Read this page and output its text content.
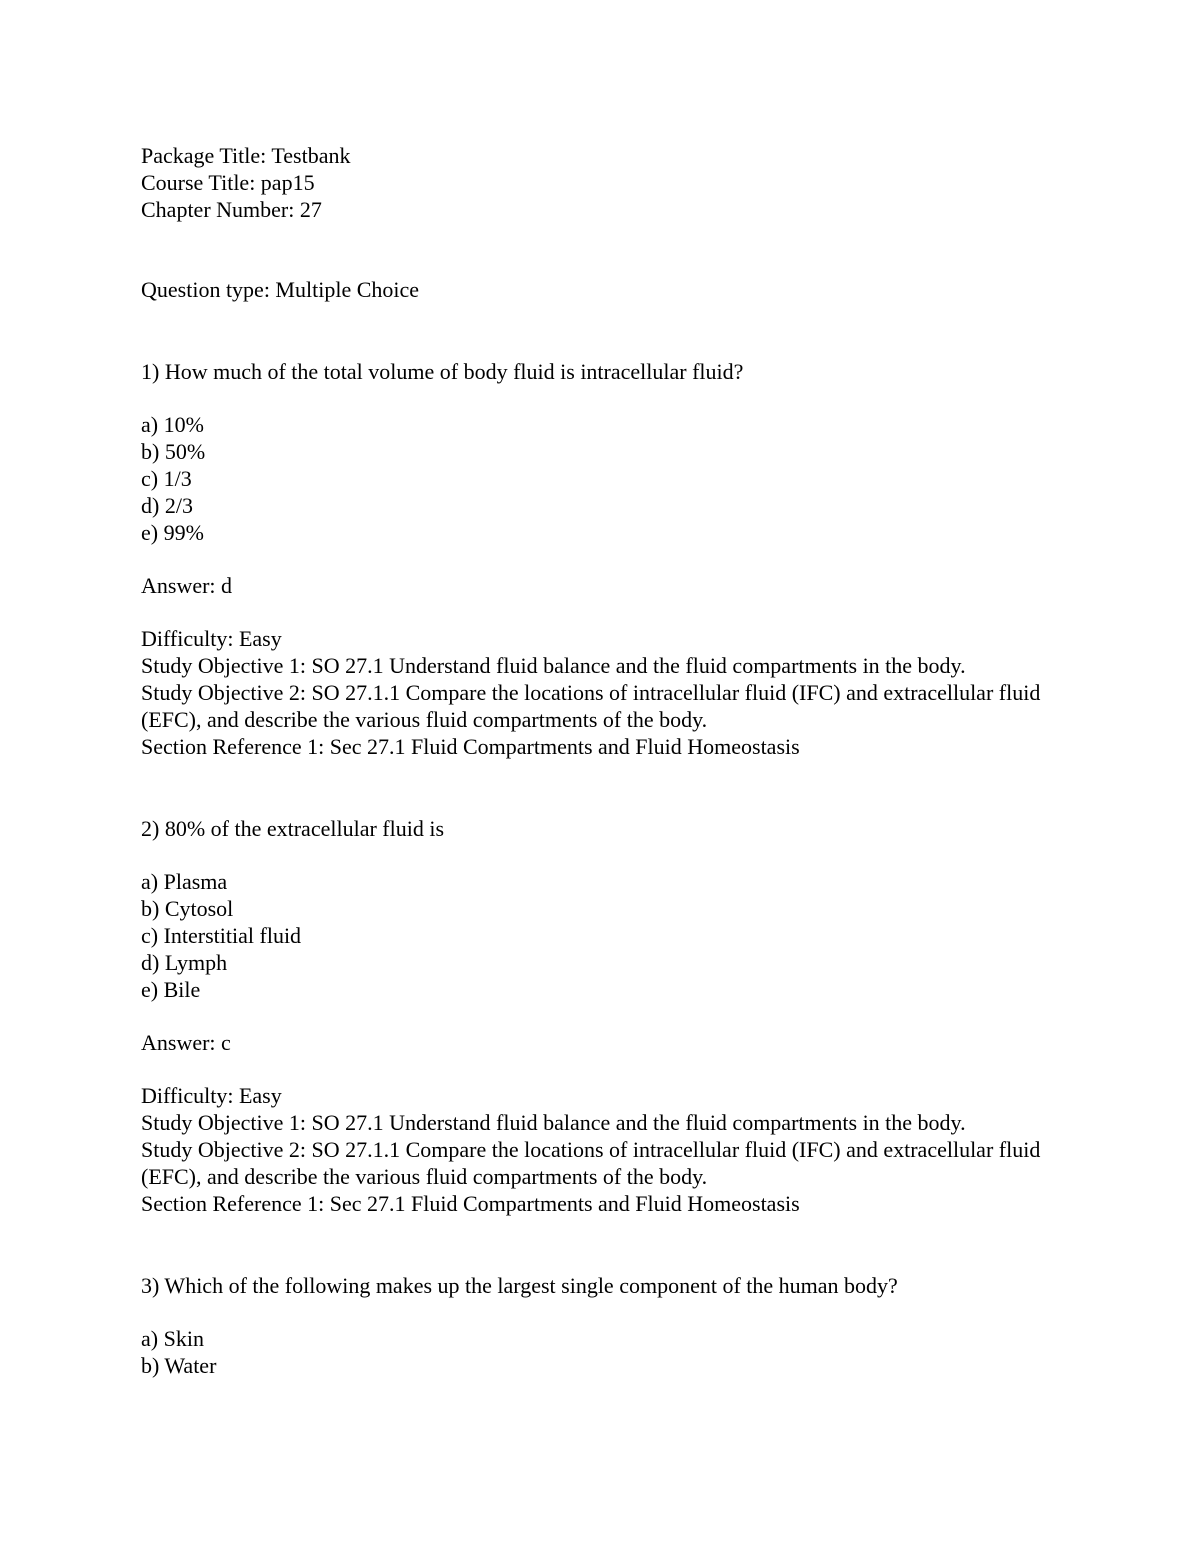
Package Title: Testbank
Course Title: pap15
Chapter Number: 27
Question type: Multiple Choice
1) How much of the total volume of body fluid is intracellular fluid?
a) 10%
b) 50%
c) 1/3
d) 2/3
e) 99%
Answer: d
Difficulty: Easy
Study Objective 1: SO 27.1 Understand fluid balance and the fluid compartments in the body.
Study Objective 2: SO 27.1.1 Compare the locations of intracellular fluid (IFC) and extracellular fluid (EFC), and describe the various fluid compartments of the body.
Section Reference 1: Sec 27.1 Fluid Compartments and Fluid Homeostasis
2) 80% of the extracellular fluid is
a) Plasma
b) Cytosol
c) Interstitial fluid
d) Lymph
e) Bile
Answer: c
Difficulty: Easy
Study Objective 1: SO 27.1 Understand fluid balance and the fluid compartments in the body.
Study Objective 2: SO 27.1.1 Compare the locations of intracellular fluid (IFC) and extracellular fluid (EFC), and describe the various fluid compartments of the body.
Section Reference 1: Sec 27.1 Fluid Compartments and Fluid Homeostasis
3) Which of the following makes up the largest single component of the human body?
a) Skin
b) Water
